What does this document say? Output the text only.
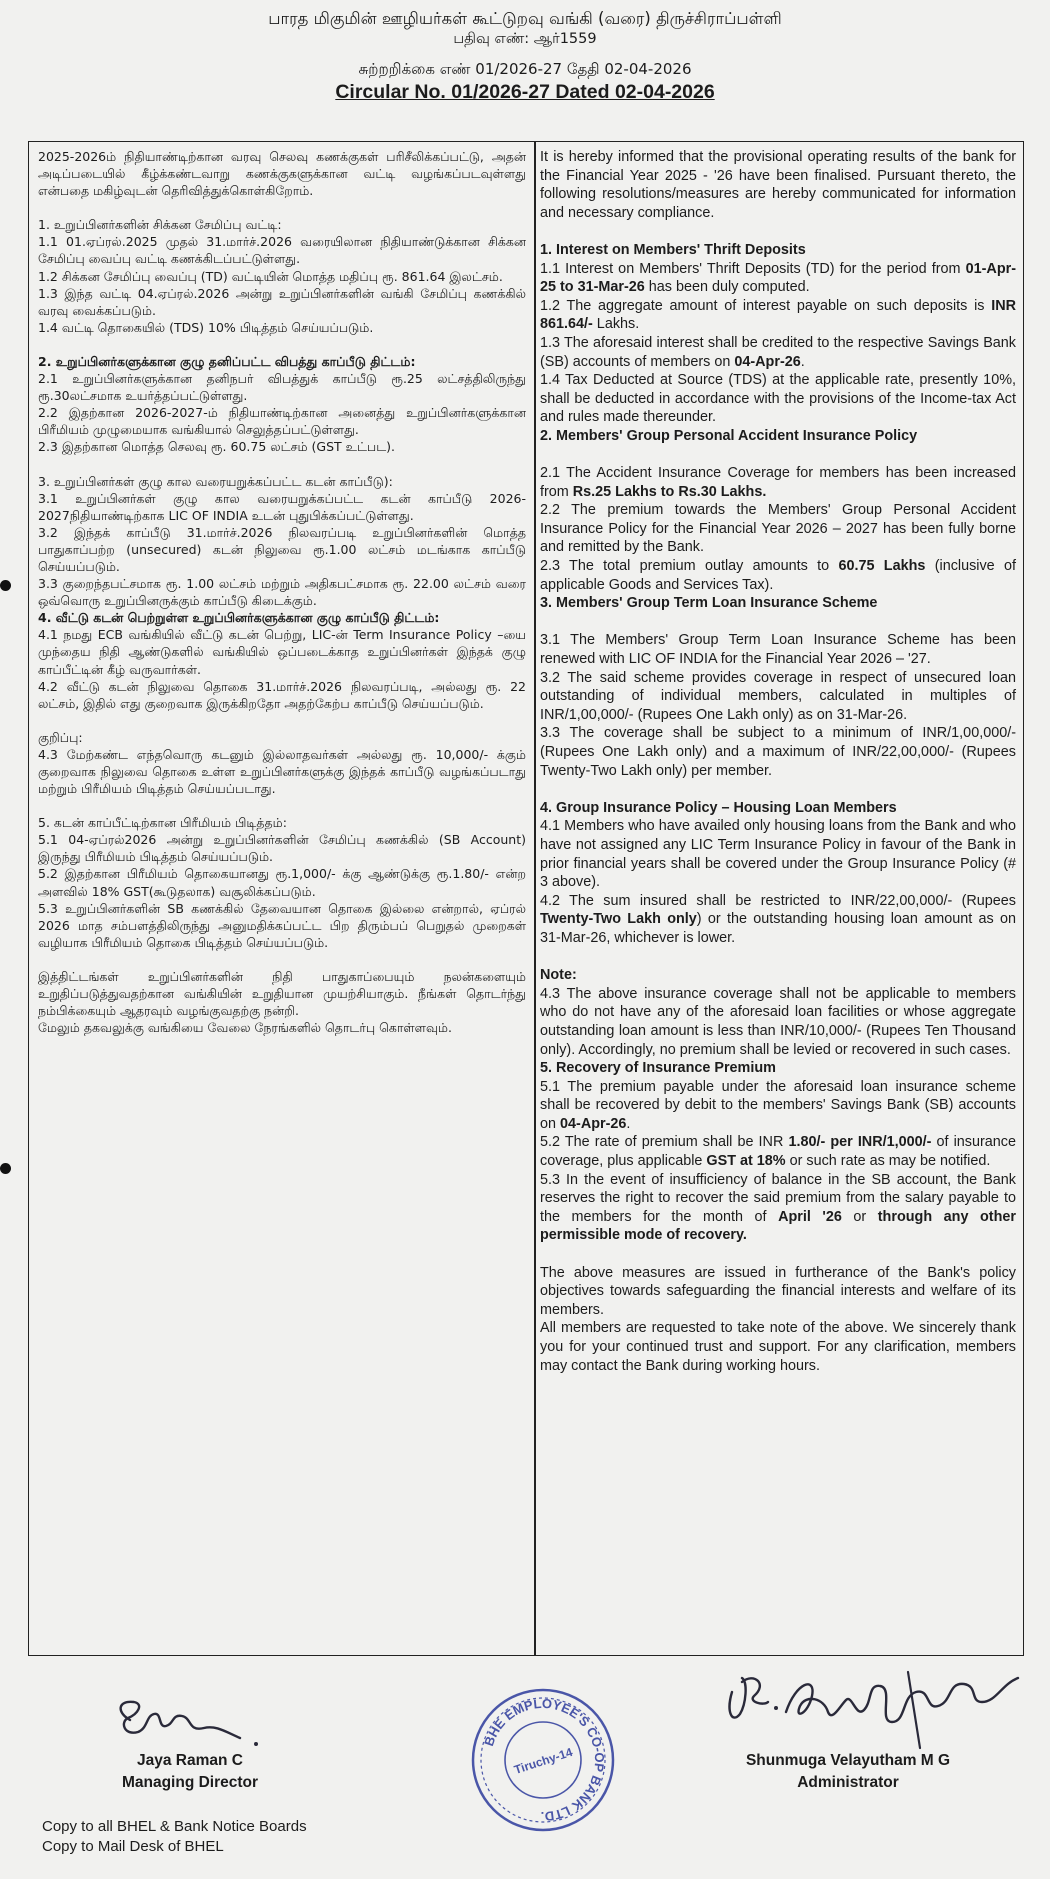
பாரத மிகுமின் ஊழியர்கள் கூட்டுறவு வங்கி (வரை) திருச்சிராப்பள்ளி
பதிவு எண்: ஆர்1559
சுற்றறிக்கை எண் 01/2026-27 தேதி 02-04-2026
Circular No. 01/2026-27 Dated 02-04-2026

2025-2026ம் நிதியாண்டிற்கான வரவு செலவு கணக்குகள் பரிசீலிக்கப்பட்டு, அதன் அடிப்படையில் கீழ்க்கண்டவாறு கணக்குகளுக்கான வட்டி வழங்கப்படவுள்ளது என்பதை மகிழ்வுடன் தெரிவித்துக்கொள்கிறோம்.

1. உறுப்பினர்களின் சிக்கன சேமிப்பு வட்டி:

1.1 01.ஏப்ரல்.2025 முதல் 31.மார்ச்.2026 வரையிலான நிதியாண்டுக்கான சிக்கன சேமிப்பு வைப்பு வட்டி கணக்கிடப்பட்டுள்ளது.

1.2 சிக்கன சேமிப்பு வைப்பு (TD) வட்டியின் மொத்த மதிப்பு ரூ. 861.64 இலட்சம்.

1.3 இந்த வட்டி 04.ஏப்ரல்.2026 அன்று உறுப்பினர்களின் வங்கி சேமிப்பு கணக்கில் வரவு வைக்கப்படும்.

1.4 வட்டி தொகையில் (TDS) 10% பிடித்தம் செய்யப்படும்.

2. உறுப்பினர்களுக்கான குழு தனிப்பட்ட விபத்து காப்பீடு திட்டம்:

2.1 உறுப்பினர்களுக்கான தனிநபர் விபத்துக் காப்பீடு ரூ.25 லட்சத்திலிருந்து ரூ.30லட்சமாக உயர்த்தப்பட்டுள்ளது.

2.2 இதற்கான 2026-2027-ம் நிதியாண்டிற்கான அனைத்து உறுப்பினர்களுக்கான பிரீமியம் முழுமையாக வங்கியால் செலுத்தப்பட்டுள்ளது.

2.3 இதற்கான மொத்த செலவு ரூ. 60.75 லட்சம் (GST உட்பட).

3. உறுப்பினர்கள் குழு கால வரையறுக்கப்பட்ட கடன் காப்பீடு):

3.1 உறுப்பினர்கள் குழு கால வரையறுக்கப்பட்ட கடன் காப்பீடு 2026-2027நிதியாண்டிற்காக LIC OF INDIA உடன் புதுபிக்கப்பட்டுள்ளது.

3.2 இந்தக் காப்பீடு 31.மார்ச்.2026 நிலவரப்படி உறுப்பினர்களின் மொத்த பாதுகாப்பற்ற (unsecured) கடன் நிலுவை ரூ.1.00 லட்சம் மடங்காக காப்பீடு செய்யப்படும்.

3.3 குறைந்தபட்சமாக ரூ. 1.00 லட்சம் மற்றும் அதிகபட்சமாக ரூ. 22.00 லட்சம் வரை ஒவ்வொரு உறுப்பினருக்கும் காப்பீடு கிடைக்கும்.

4. வீட்டு கடன் பெற்றுள்ள உறுப்பினர்களுக்கான குழு காப்பீடு திட்டம்:

4.1 நமது ECB வங்கியில் வீட்டு கடன் பெற்று, LIC-ன் Term Insurance Policy –யை முந்தைய நிதி ஆண்டுகளில் வங்கியில் ஒப்படைக்காத உறுப்பினர்கள் இந்தக் குழு காப்பீட்டின் கீழ் வருவார்கள்.

4.2 வீட்டு கடன் நிலுவை தொகை 31.மார்ச்.2026 நிலவரப்படி, அல்லது ரூ. 22 லட்சம், இதில் எது குறைவாக இருக்கிறதோ அதற்கேற்ப காப்பீடு செய்யப்படும்.

குறிப்பு:

4.3 மேற்கண்ட எந்தவொரு கடனும் இல்லாதவர்கள் அல்லது ரூ. 10,000/- க்கும் குறைவாக நிலுவை தொகை உள்ள உறுப்பினர்களுக்கு இந்தக் காப்பீடு வழங்கப்படாது மற்றும் பிரீமியம் பிடித்தம் செய்யப்படாது.

5. கடன் காப்பீட்டிற்கான பிரீமியம் பிடித்தம்:

5.1 04-ஏப்ரல்2026 அன்று உறுப்பினர்களின் சேமிப்பு கணக்கில் (SB Account) இருந்து பிரீமியம் பிடித்தம் செய்யப்படும்.

5.2 இதற்கான பிரீமியம் தொகையானது ரூ.1,000/- க்கு ஆண்டுக்கு ரூ.1.80/- என்ற அளவில் 18% GST(கூடுதலாக) வசூலிக்கப்படும்.

5.3 உறுப்பினர்களின் SB கணக்கில் தேவையான தொகை இல்லை என்றால், ஏப்ரல் 2026 மாத சம்பளத்திலிருந்து அனுமதிக்கப்பட்ட பிற திரும்பப் பெறுதல் முறைகள் வழியாக பிரீமியம் தொகை பிடித்தம் செய்யப்படும்.

இத்திட்டங்கள் உறுப்பினர்களின் நிதி பாதுகாப்பையும் நலன்களையும் உறுதிப்படுத்துவதற்கான வங்கியின் உறுதியான முயற்சியாகும். நீங்கள் தொடர்ந்து நம்பிக்கையும் ஆதரவும் வழங்குவதற்கு நன்றி.

மேலும் தகவலுக்கு வங்கியை வேலை நேரங்களில் தொடர்பு கொள்ளவும்.

It is hereby informed that the provisional operating results of the bank for the Financial Year 2025 - '26 have been finalised. Pursuant thereto, the following resolutions/measures are hereby communicated for information and necessary compliance.

1. Interest on Members' Thrift Deposits

1.1 Interest on Members' Thrift Deposits (TD) for the period from 01-Apr-25 to 31-Mar-26 has been duly computed.

1.2 The aggregate amount of interest payable on such deposits is INR 861.64/- Lakhs.

1.3 The aforesaid interest shall be credited to the respective Savings Bank (SB) accounts of members on 04-Apr-26.

1.4 Tax Deducted at Source (TDS) at the applicable rate, presently 10%, shall be deducted in accordance with the provisions of the Income-tax Act and rules made thereunder.

2. Members' Group Personal Accident Insurance Policy

2.1 The Accident Insurance Coverage for members has been increased from Rs.25 Lakhs to Rs.30 Lakhs.

2.2 The premium towards the Members' Group Personal Accident Insurance Policy for the Financial Year 2026 – 2027 has been fully borne and remitted by the Bank.

2.3 The total premium outlay amounts to 60.75 Lakhs (inclusive of applicable Goods and Services Tax).

3. Members' Group Term Loan Insurance Scheme

3.1 The Members' Group Term Loan Insurance Scheme has been renewed with LIC OF INDIA for the Financial Year 2026 – '27.

3.2 The said scheme provides coverage in respect of unsecured loan outstanding of individual members, calculated in multiples of INR/1,00,000/- (Rupees One Lakh only) as on 31-Mar-26.

3.3 The coverage shall be subject to a minimum of INR/1,00,000/- (Rupees One Lakh only) and a maximum of INR/22,00,000/- (Rupees Twenty-Two Lakh only) per member.

4. Group Insurance Policy – Housing Loan Members

4.1 Members who have availed only housing loans from the Bank and who have not assigned any LIC Term Insurance Policy in favour of the Bank in prior financial years shall be covered under the Group Insurance Policy (# 3 above).

4.2 The sum insured shall be restricted to INR/22,00,000/- (Rupees Twenty-Two Lakh only) or the outstanding housing loan amount as on 31-Mar-26, whichever is lower.

Note:

4.3 The above insurance coverage shall not be applicable to members who do not have any of the aforesaid loan facilities or whose aggregate outstanding loan amount is less than INR/10,000/- (Rupees Ten Thousand only). Accordingly, no premium shall be levied or recovered in such cases.

5. Recovery of Insurance Premium

5.1 The premium payable under the aforesaid loan insurance scheme shall be recovered by debit to the members' Savings Bank (SB) accounts on 04-Apr-26.

5.2 The rate of premium shall be INR 1.80/- per INR/1,000/- of insurance coverage, plus applicable GST at 18% or such rate as may be notified.

5.3 In the event of insufficiency of balance in the SB account, the Bank reserves the right to recover the said premium from the salary payable to the members for the month of April '26 or through any other permissible mode of recovery.

The above measures are issued in furtherance of the Bank's policy objectives towards safeguarding the financial interests and welfare of its members.

All members are requested to take note of the above. We sincerely thank you for your continued trust and support. For any clarification, members may contact the Bank during working hours.

Jaya Raman C
Managing Director
Shunmuga Velayutham M G
Administrator
BHE EMPLOYEE'S CO-OP BANK LTD.
Tiruchy-14
Copy to all BHEL & Bank Notice Boards
Copy to Mail Desk of BHEL
